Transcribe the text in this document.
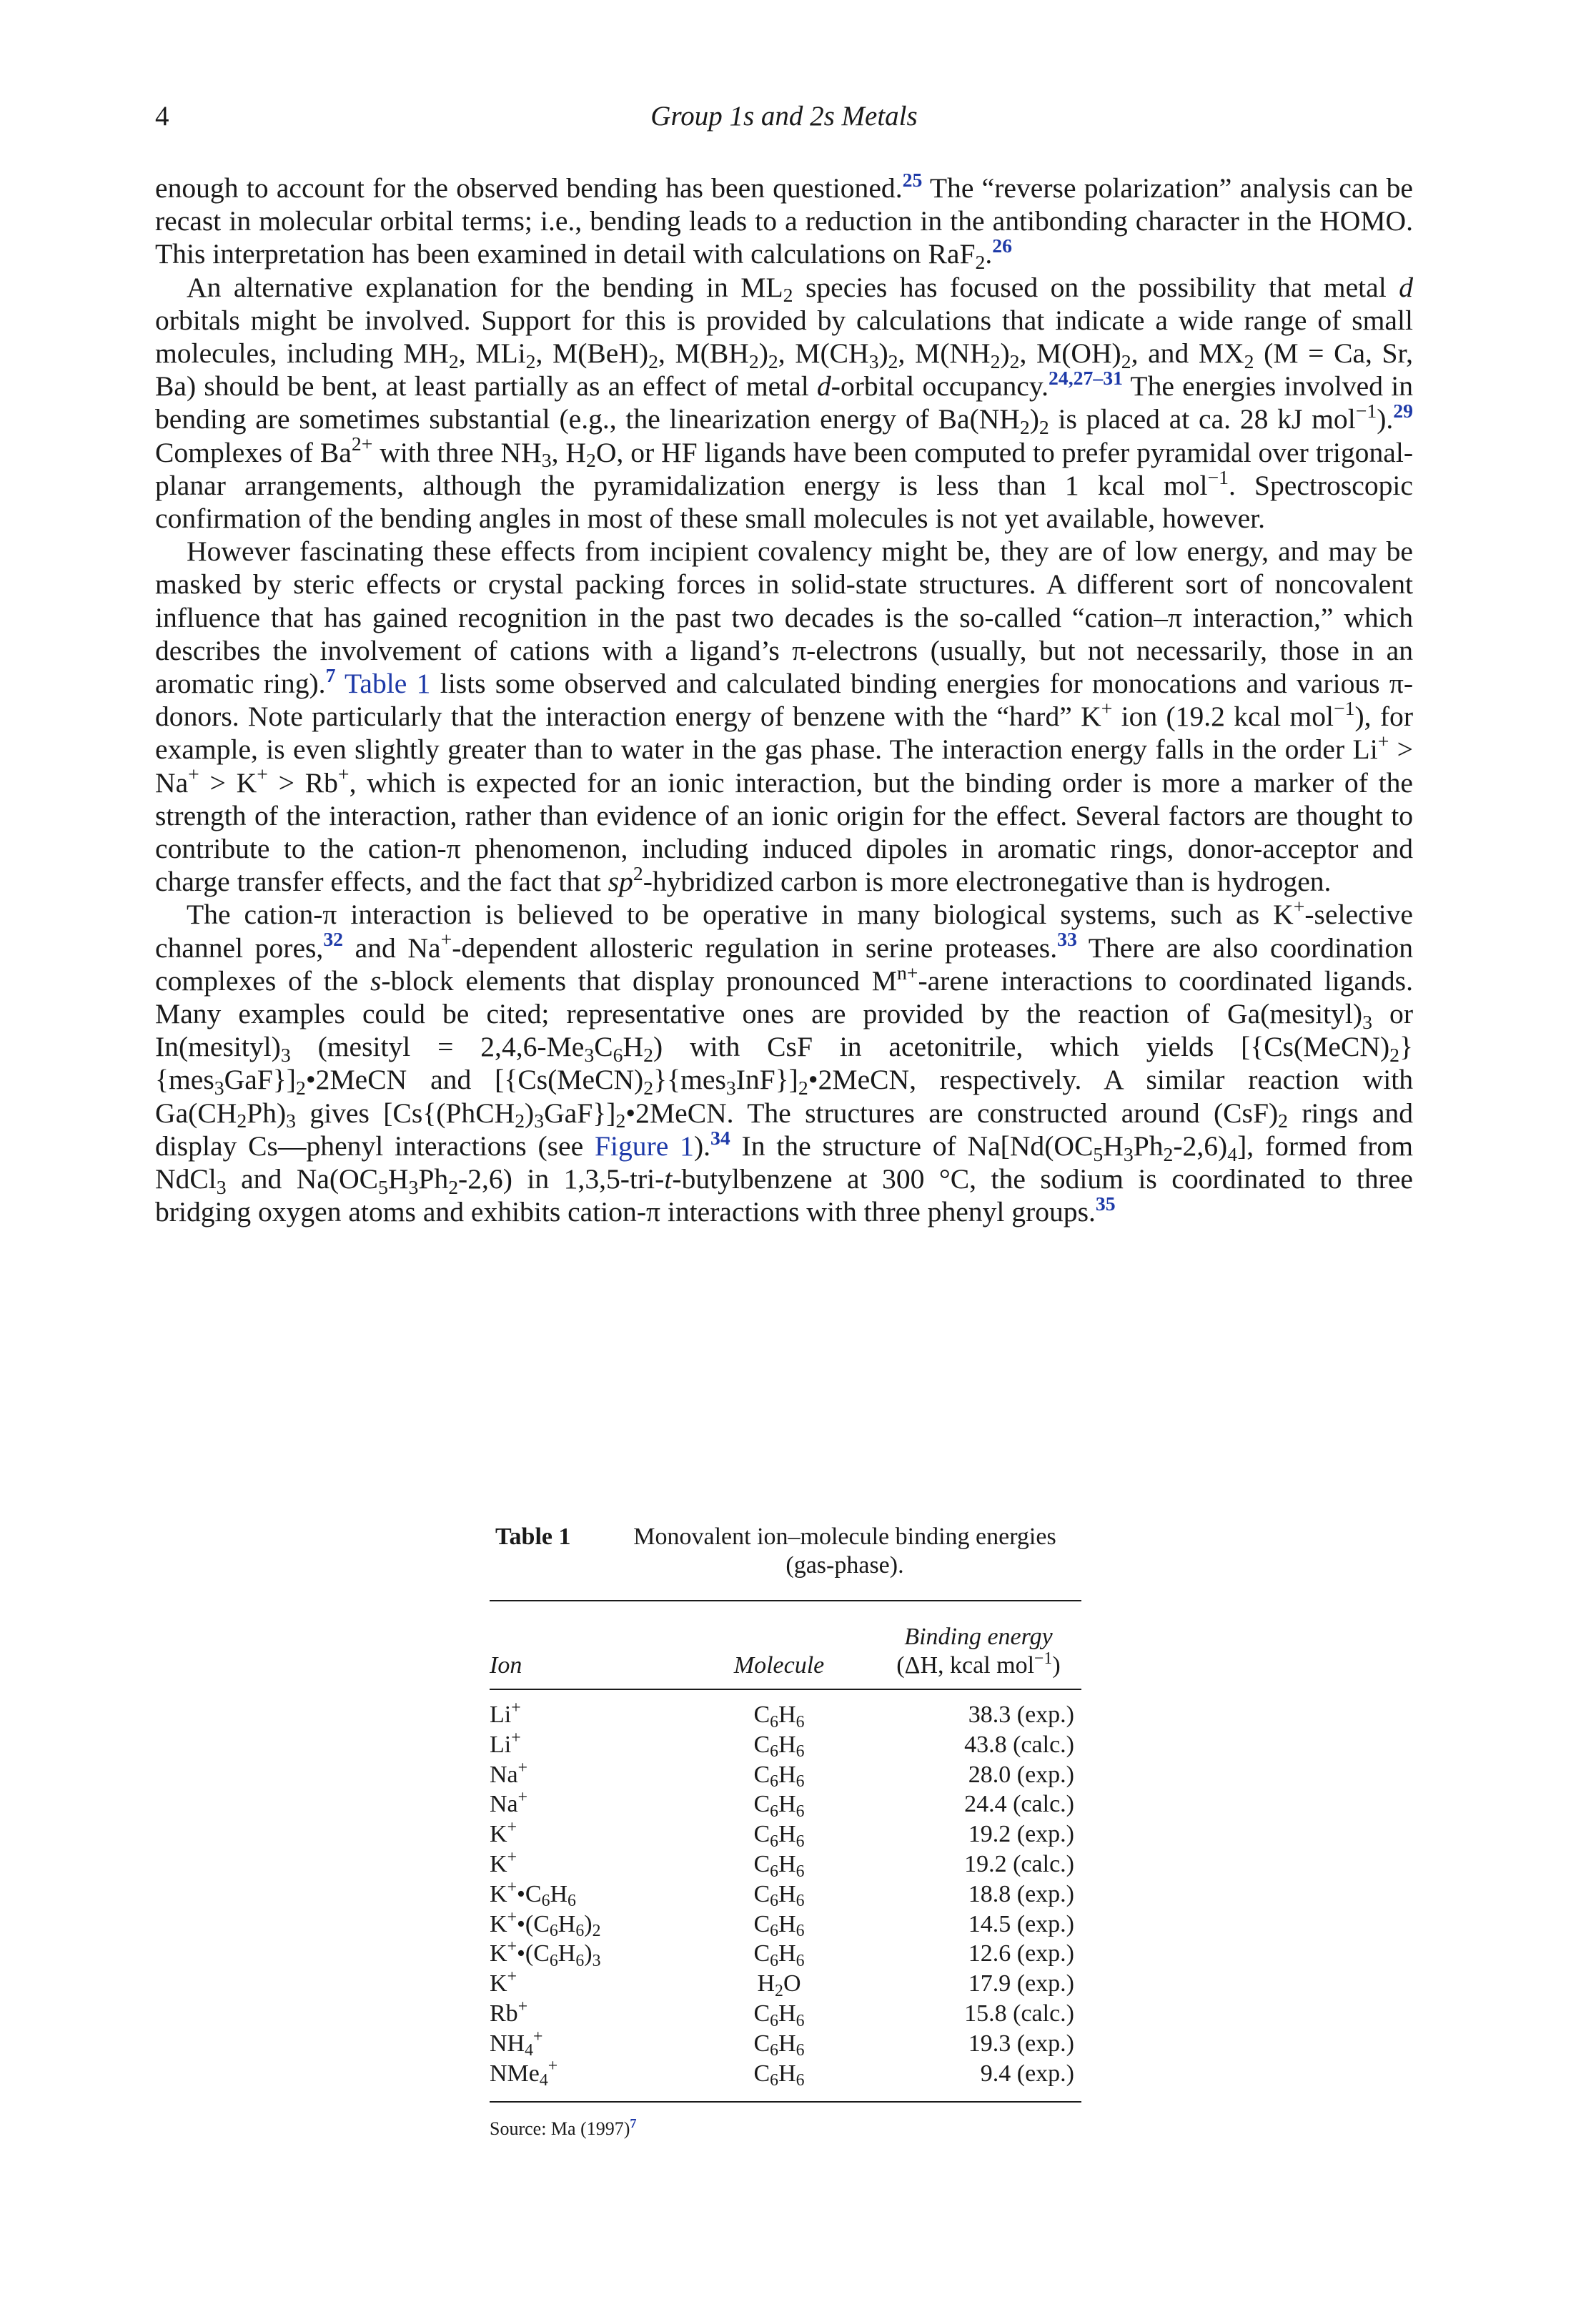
4	Group 1s and 2s Metals

enough to account for the observed bending has been questioned.$^{25}$ The “reverse polarization” analysis can be recast in molecular orbital terms; i.e., bending leads to a reduction in the antibonding character in the HOMO. This interpretation has been examined in detail with calculations on RaF$_2$.$^{26}$

An alternative explanation for the bending in $ML_2$ species has focused on the possibility that metal d orbitals might be involved. Support for this is provided by calculations that indicate a wide range of small molecules, including $MH_2$, MLi$_2$, $M(BeH)_2$, $M(BH_2)_2$, $M(CH_3)_2$, $M(NH_2)_2$, $M(OH)_2$, and $MX_2$ (M = Ca, Sr, Ba) should be bent, at least partially as an effect of metal d-orbital occupancy.$^{24,27-31}$ The energies involved in bending are sometimes substantial (e.g., the linearization energy of $Ba(NH_2)_2$ is placed at ca. 28 kJ mol$^{-1}$).$^{29}$ Complexes of $Ba^{2+}$ with three $NH_3$, $H_2O$, or HF ligands have been computed to prefer pyramidal over trigonal-planar arrangements, although the pyramidalization energy is less than 1 kcal mol$^{-1}$. Spectroscopic confirmation of the bending angles in most of these small molecules is not yet available, however.

However fascinating these effects from incipient covalency might be, they are of low energy, and may be masked by steric effects or crystal packing forces in solid-state structures. A different sort of noncovalent influence that has gained recognition in the past two decades is the so-called “cation–π interaction,” which describes the involvement of cations with a ligand’s π-electrons (usually, but not necessarily, those in an aromatic ring).$^7$ Table 1 lists some observed and calculated binding energies for monocations and various π-donors. Note particularly that the interaction energy of benzene with the “hard” K+ ion (19.2 kcal mol$^{-1}$), for example, is even slightly greater than to water in the gas phase. The interaction energy falls in the order Li+ > Na+ > K+ > Rb+, which is expected for an ionic interaction, but the binding order is more a marker of the strength of the interaction, rather than evidence of an ionic origin for the effect. Several factors are thought to contribute to the cation-π phenomenon, including induced dipoles in aromatic rings, donor-acceptor and charge transfer effects, and the fact that $sp^2$-hybridized carbon is more electronegative than is hydrogen.

The cation-π interaction is believed to be operative in many biological systems, such as K+-selective channel pores,$^{32}$ and Na+-dependent allosteric regulation in serine proteases.$^{33}$ There are also coordination complexes of the s-block elements that display pronounced $M^{n+}$-arene interactions to coordinated ligands. Many examples could be cited; representative ones are provided by the reaction of $Ga(mesityl)_3$ or $In(mesityl)_3$ (mesityl = $2,4,6-Me_3C_6H_2$) with CsF in acetonitrile, which yields $[\{Cs(MeCN)_2\}\{mes_3GaF\}]_2•2MeCN$ and $[\{Cs(MeCN)_2\}\{mes_3InF\}]_2•2MeCN$, respectively. A similar reaction with $Ga(CH_2Ph)_3$ gives $[Cs\{(PhCH_2)_3GaF\}]_2•2MeCN$. The structures are constructed around $(CsF)_2$ rings and display Cs—phenyl interactions (see Figure 1).$^{34}$ In the structure of $Na[Nd(OC_5H_3Ph_2-2,6)_4]$, formed from NdCl$_3$ and $Na(OC_5H_3Ph_2-2,6)$ in 1,3,5-tri-t-butylbenzene at 300 °C, the sodium is coordinated to three bridging oxygen atoms and exhibits cation-π interactions with three phenyl groups.$^{35}$

Table 1	Monovalent ion–molecule binding energies (gas-phase).

Ion	Molecule	Binding energy
(ΔH, kcal mol$^{-1}$)

Li+	$C_6H_6$	38.3 (exp.)
Li+	$C_6H_6$	43.8 (calc.)
Na+	$C_6H_6$	28.0 (exp.)
Na+	$C_6H_6$	24.4 (calc.)
K+	$C_6H_6$	19.2 (exp.)
K+	$C_6H_6$	19.2 (calc.)
$K^+•C_6H_6$	$C_6H_6$	18.8 (exp.)
$K^+•(C_6H_6)_2$	$C_6H_6$	14.5 (exp.)
$K^+•(C_6H_6)_3$	$C_6H_6$	12.6 (exp.)
K+	$H_2O$	17.9 (exp.)
Rb+	$C_6H_6$	15.8 (calc.)
$NH_4^+$	$C_6H_6$	19.3 (exp.)
NMe$_4$+	$C_6H_6$	9.4 (exp.)
Source: Ma (1997)$^7$
